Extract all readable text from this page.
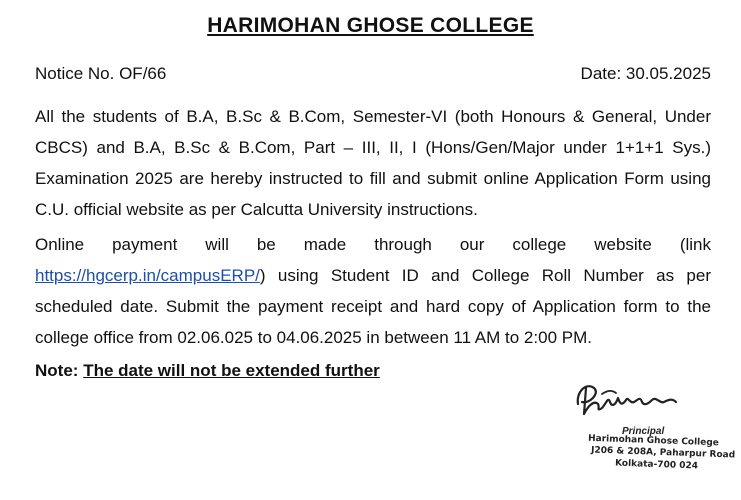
HARIMOHAN GHOSE COLLEGE
Notice No. OF/66	Date: 30.05.2025
All the students of B.A, B.Sc & B.Com, Semester-VI (both Honours & General, Under CBCS) and B.A, B.Sc & B.Com, Part – III, II, I (Hons/Gen/Major under 1+1+1 Sys.) Examination 2025 are hereby instructed to fill and submit online Application Form using C.U. official website as per Calcutta University instructions.
Online payment will be made through our college website (link https://hgcerp.in/campusERP/) using Student ID and College Roll Number as per scheduled date. Submit the payment receipt and hard copy of Application form to the college office from 02.06.025 to 04.06.2025 in between 11 AM to 2:00 PM.
Note: The date will not be extended further
Principal
Harimohan Ghose College
J206 & 208A, Paharpur Road
Kolkata-700 024
